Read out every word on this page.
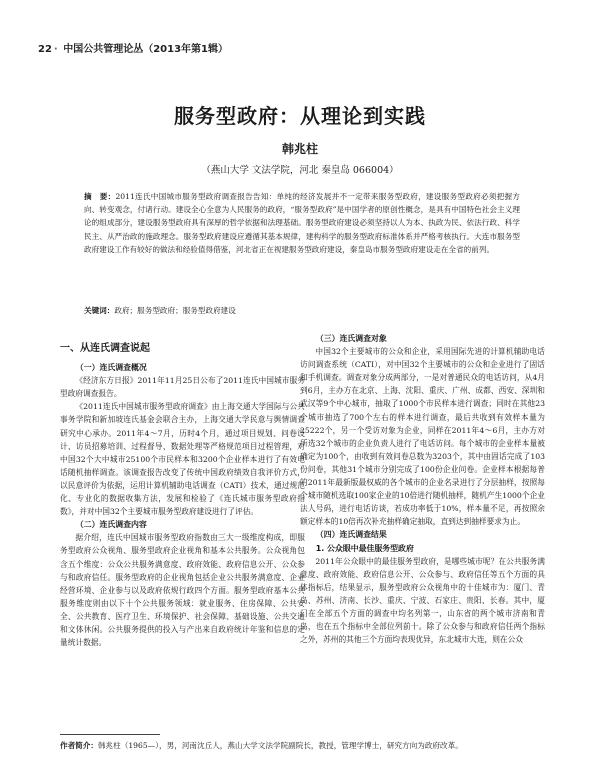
22 · 中国公共管理论丛（2013年第1辑）
服务型政府：从理论到实践
韩兆柱
（燕山大学 文法学院，河北 秦皇岛 066004）
摘　要：2011连氏中国城市服务型政府调查报告告知：单纯的经济发展并不一定带来服务型政府，建设服务型政府必须把握方向、转变观念，付诸行动。建设全心全意为人民服务的政府，“服务型政府”是中国学者的原创性概念，是具有中国特色社会主义理论的组成部分，建设服务型政府具有深厚的哲学依据和法理基础。服务型政府建设必须坚持以人为本、执政为民、依法行政、科学民主、从严治政的施政理念。服务型政府建设应遵循其基本规律，建构科学的服务型政府标准体系并严格考核执行。大连市服务型政府建设工作有较好的做法和经验值得借鉴，河北省正在视建服务型政府建设，秦皇岛市服务型政府建设走在全省的前列。
关键词：政府；服务型政府；服务型政府建设
一、从连氏调查说起
（一）连氏调查概况

《经济东方日报》2011年11月25日公布了2011连氏中国城市服务型政府调查报告。

《2011连氏中国城市服务型政府调查》由上海交通大学国际与公共事务学院和新加坡连氏基金会联合主办，上海交通大学民意与舆情调查研究中心承办。2011年4～7月，历时4个月，通过项目规划、问卷设计、访员招募培训、过程督导、数据处理等严格规范项目过程管理，对中国32个大中城市25100个市民样本和3200个企业样本进行了有效电话随机抽样调查。该调查报告改变了传统中国政府绩效自我评价方式，以民意评价为依据，运用计算机辅助电话调查（CATI）技术，通过规范化、专业化的数据收集方法，发展和检验了《连氏城市服务型政府指数》，并对中国32个主要城市服务型政府建设进行了评估。

（二）连氏调查内容

据介绍，连氏中国城市服务型政府指数由三大一级维度构成，即服务型政府公众视角、服务型政府企业视角和基本公共服务。公众视角包含五个维度：公众公共服务满意度、政府效能、政府信息公开、公众参与和政府信任。服务型政府的企业视角包括企业公共服务满意度、企业经营环境、企业参与以及政府依规行政四个方面。服务型政府基本公共服务维度则由以下十个公共服务领域：就业服务、住房保障、公共安全、公共教育、医疗卫生、环境保护、社会保障、基础设施、公共交通和文体休闲。公共服务提供的投入与产出来自政府统计年鉴和信息的定量统计数据。

（三）连氏调查对象

中国32个主要城市的公众和企业，采用国际先进的计算机辅助电话访问调查系统（CATI），对中国32个主要城市的公众和企业进行了固话和手机调查。调查对象分成两部分，一是对普通民众的电话访问，从4月到6月，主办方在北京、上海、沈阳、重庆、广州、成都、西安、深圳和武汉等9个中心城市，抽取了1000个市民样本进行调查；同时在其他23个城市抽选了700个左右的样本进行调查，最后共收到有效样本量为25222个，另一个受访对象为企业，同样在2011年4～6月，主办方对所选32个城市的企业负责人进行了电话访问。每个城市的企业样本量被确定为100个，由收到有效问卷总数为3203个，其中由固话完成了103份问卷，其他31个城市分别完成了100份企业问卷。企业样本根据每普的2011年最新版最权威的各个城市的企业名录进行了分层抽样，按照每个城市随机选取100家企业的10倍进行随机抽样，随机产生1000个企业法人号码，进行电话访谈，若成功率低于10%，样本量不足，再按照余额定样本的10倍再次补充抽样确定抽取，直到达到抽样要求为止。

（四）连氏调查结果
1. 公众眼中最佳服务型政府

2011年公众眼中的最佳服务型政府，是哪些城市呢？在公共服务满意度、政府效能、政府信息公开、公众参与、政府信任等五个方面的具体指标后，结果显示，服务型政府公众视角中的十佳城市为：厦门、青岛、苏州、济南、长沙、重庆、宁波、石家庄、贵阳、长春。其中，厦门在全部五个方面的调查中均名列第一，山东省的两个城市济南和青岛，也在五个指标中全部位列前十。除了公众参与和政府信任两个指标之外，苏州的其他三个方面均表现优异，东北城市大连，则在公众

作者简介：韩兆柱（1965—），男，河南沈丘人，燕山大学文法学院副院长，教授，管理学博士，研究方向为政府改革。
